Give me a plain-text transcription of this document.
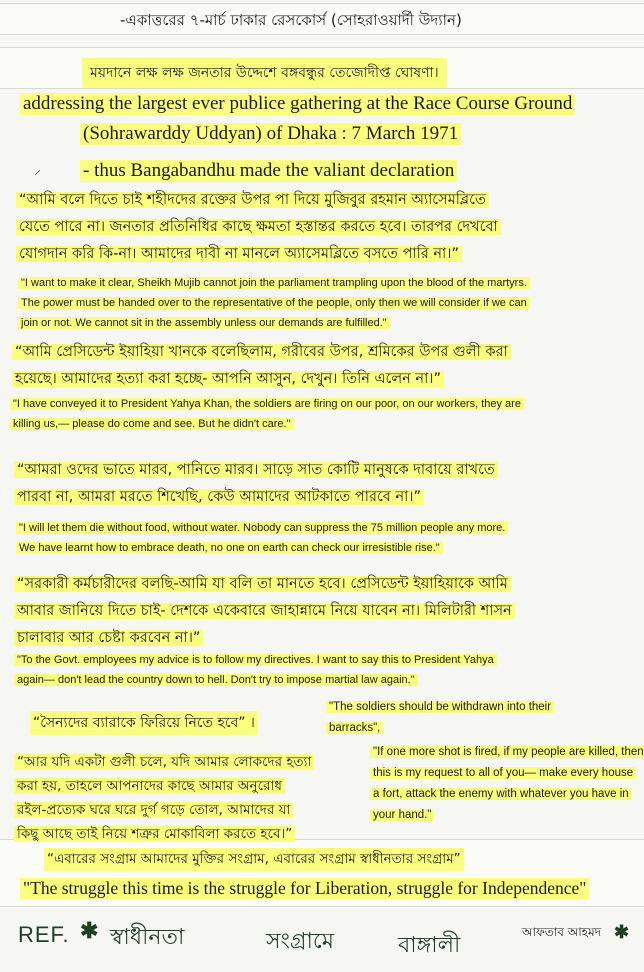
-একাত্তরের ৭-মার্চ ঢাকার রেসকোর্স (সোহরাওয়ার্দী উদ্যান)
ময়দানে লক্ষ লক্ষ জনতার উদ্দেশে বঙ্গবন্ধুর তেজোদীপ্ত ঘোষণা।
addressing the largest ever publice gathering at the Race Course Ground
(Sohrawarddy Uddyan) of Dhaka : 7 March 1971
⸝ - thus Bangabandhu made the valiant declaration
“আমি বলে দিতে চাই শহীদদের রক্তের উপর পা দিয়ে মুজিবুর রহমান অ্যাসেমব্লিতে
যেতে পারে না। জনতার প্রতিনিধির কাছে ক্ষমতা হস্তান্তর করতে হবে। তারপর দেখবো
যোগদান করি কি-না। আমাদের দাবী না মানলে অ্যাসেমব্লিতে বসতে পারি না।”
"I want to make it clear, Sheikh Mujib cannot join the parliament trampling upon the blood of the martyrs.
The power must be handed over to the representative of the people, only then we will consider if we can
join or not. We cannot sit in the assembly unless our demands are fulfilled."
“আমি প্রেসিডেন্ট ইয়াহিয়া খানকে বলেছিলাম, গরীবের উপর, শ্রমিকের উপর গুলী করা
হয়েছে। আমাদের হত্যা করা হচ্ছে- আপনি আসুন, দেখুন। তিনি এলেন না।”
"I have conveyed it to President Yahya Khan, the soldiers are firing on our poor, on our workers, they are
killing us,— please do come and see. But he didn't care."
“আমরা ওদের ভাতে মারব, পানিতে মারব। সাড়ে সাত কোটি মানুষকে দাবায়ে রাখতে
পারবা না, আমরা মরতে শিখেছি, কেউ আমাদের আটকাতে পারবে না।”
"I will let them die without food, without water. Nobody can suppress the 75 million people any more.
We have learnt how to embrace death, no one on earth can check our irresistible rise."
“সরকারী কর্মচারীদের বলছি-আমি যা বলি তা মানতে হবে। প্রেসিডেন্ট ইয়াহিয়াকে আমি
আবার জানিয়ে দিতে চাই- দেশকে একেবারে জাহান্নামে নিয়ে যাবেন না। মিলিটারী শাসন
চালাবার আর চেষ্টা করবেন না।”
"To the Govt. employees my advice is to follow my directives. I want to say this to President Yahya
again— don't lead the country down to hell. Don't try to impose martial law again."
“সৈন্যদের ব্যারাকে ফিরিয়ে নিতে হবে” ।
"The soldiers should be withdrawn into their
barracks",
“আর যদি একটা গুলী চলে, যদি আমার লোকদের হত্যা
করা হয়, তাহলে আপনাদের কাছে আমার অনুরোধ
রইল-প্রত্যেক ঘরে ঘরে দুর্গ গড়ে তোল, আমাদের যা
কিছু আছে তাই নিয়ে শত্রুর মোকাবিলা করতে হবে।”
"If one more shot is fired, if my people are killed, then
this is my request to all of you— make every house
a fort, attack the enemy with whatever you have in
your hand."
“এবারের সংগ্রাম আমাদের মুক্তির সংগ্রাম, এবারের সংগ্রাম স্বাধীনতার সংগ্রাম”
"The struggle this time is the struggle for Liberation, struggle for Independence"
REF. ✱ স্বাধীনতা	সংগ্রামে	বাঙ্গালী
আফতাব আহমদ ✱
